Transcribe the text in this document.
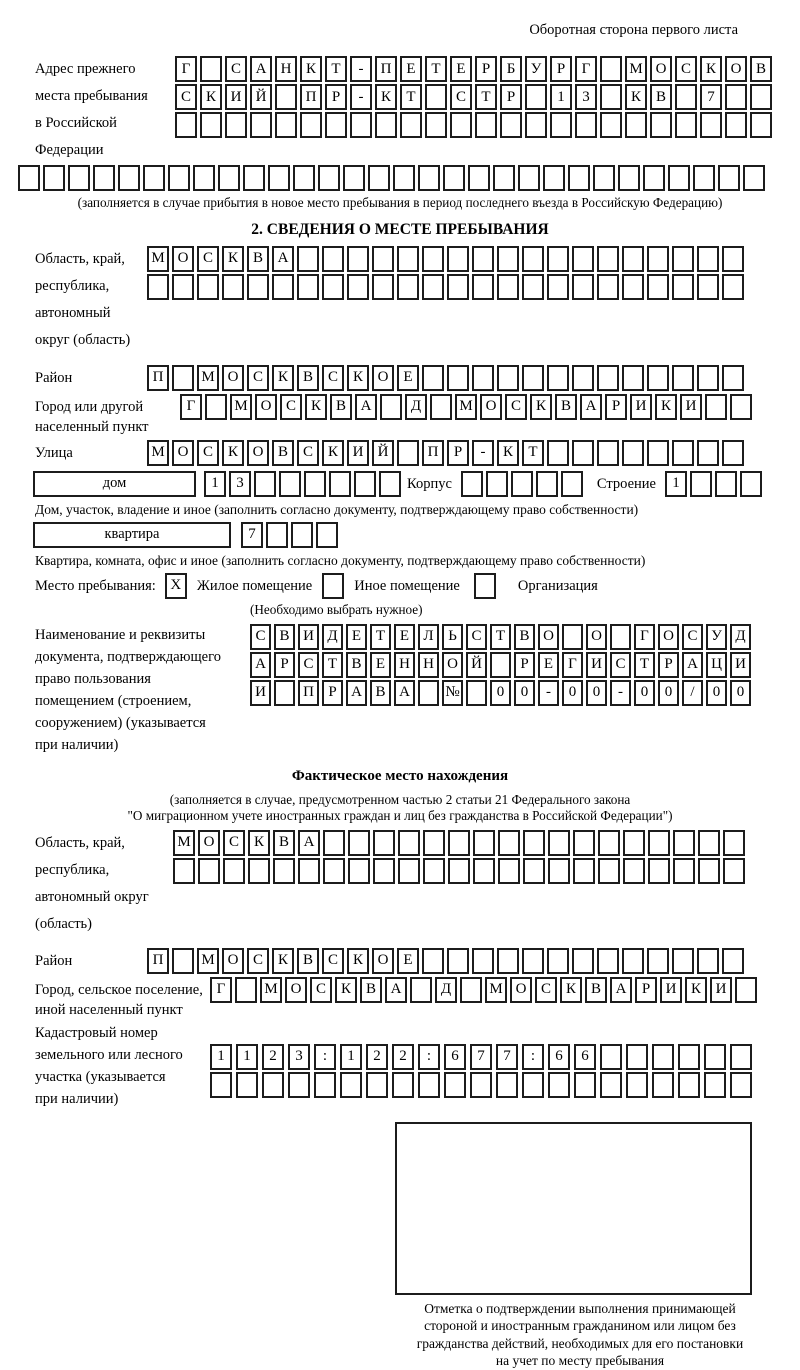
Оборотная сторона первого листа
Адрес прежнего
места пребывания
в Российской
Федерации
Г	С А Н К	Т	-	П Е	Т	Е	Р	Б	У	Р	Г	М О С К О В
С К И Й	П	Р	-	К	Т	С	Т	Р	1	3	К В	7
(заполняется в случае прибытия в новое место пребывания в период последнего въезда в Российскую Федерацию)
2. СВЕДЕНИЯ О МЕСТЕ ПРЕБЫВАНИЯ
Область, край,
республика,
автономный
округ (область)
М О С К В А
Район	П	М О С К В С К О Е
Город или другой
населенный пункт
Г	М О С К В А	Д	М О С К В А	Р	И К И
Улица	М О С К О В С К И Й	П	Р	-	К	Т
дом	1	3	Корпус	Строение	1
Дом, участок, владение и иное (заполнить согласно документу, подтверждающему право собственности)
квартира	7
Квартира, комната, офис и иное (заполнить согласно документу, подтверждающему право собственности)
Место пребывания: X	Жилое помещение	Иное помещение	Организация
(Необходимо выбрать нужное)
Наименование и реквизиты
документа, подтверждающего
право пользования
помещением (строением,
сооружением) (указывается
при наличии)
С В И Д Е Т Е Л Ь С Т В О	О	Г О С У Д
А Р С Т В Е Н Н О Й	Р	Е	Г И С Т	Р А Ц И
И	П Р А В А	№	0	0	-	0	0	-	0	0	/	0	0
Фактическое место нахождения
(заполняется в случае, предусмотренном частью 2 статьи 21 Федерального закона
"О миграционном учете иностранных граждан и лиц без гражданства в Российской Федерации")
Область, край,
республика,
автономный округ
(область)
М О С К В А
Район	П	М О С К В С К О Е
Город, сельское поселение,
иной населенный пункт
Г	М О С К В А	Д	М О С К В А	Р	И К И
Кадастровый номер
земельного или лесного
участка (указывается
при наличии)
1	1	2	3	:	1	2	2	:	6	7	7	:	6	6
Отметка о подтверждении выполнения принимающей
стороной и иностранным гражданином или лицом без
гражданства действий, необходимых для его постановки
на учет по месту пребывания
